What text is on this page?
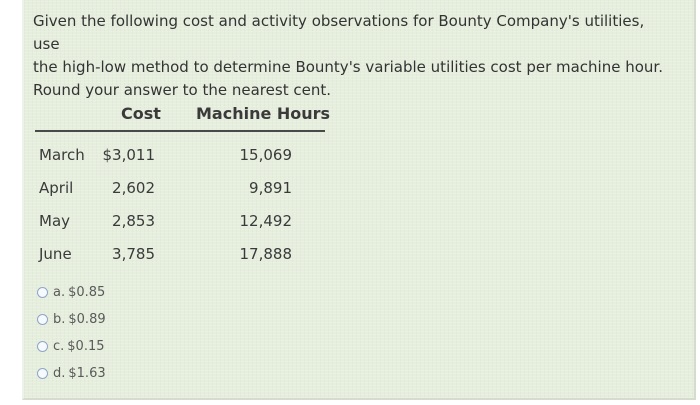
Given the following cost and activity observations for Bounty Company's utilities, use

the high-low method to determine Bounty's variable utilities cost per machine hour.

Round your answer to the nearest cent.

Cost Machine Hours
March	$3,011	15,069
April	2,602	9,891
May	2,853	12,492
June	3,785	17,888
a. $0.85
b. $0.89
c. $0.15
d. $1.63
